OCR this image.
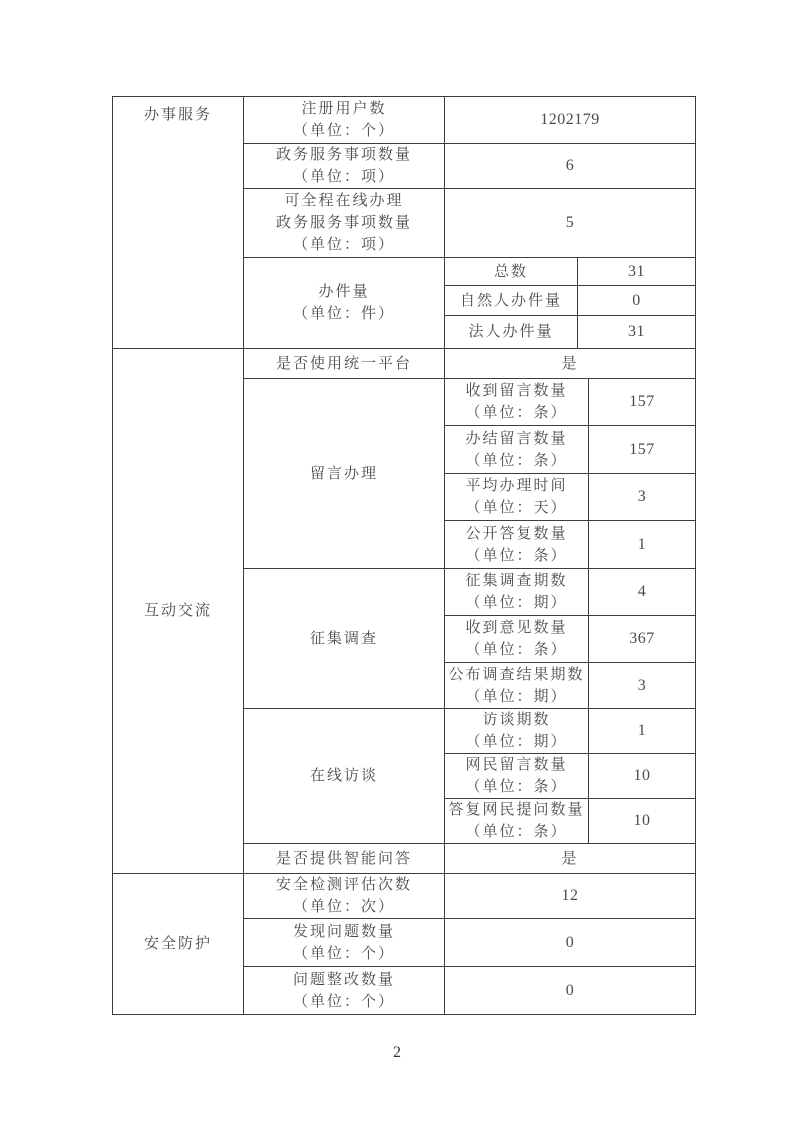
办事服务	注册用户数
（单位：个）	1202179		

	政务服务事项数量
（单位：项）	6		

	可全程在线办理
政务服务事项数量
（单位：项）	5		

	办件量
（单位：件）	总数	31	
		自然人办件量	0	
		法人办件量	31	

互动交流	是否使用统一平台	是		

	留言办理	收到留言数量
（单位：条）		157

		办结留言数量
（单位：条）		157

		平均办理时间
（单位：天）		3

		公开答复数量
（单位：条）		1

	征集调查	征集调查期数
（单位：期）		4

		收到意见数量
（单位：条）		367

		公布调查结果期数
（单位：期）		3

	在线访谈	访谈期数
（单位：期）		1

		网民留言数量
（单位：条）		10

		答复网民提问数量
（单位：条）		10
	是否提供智能问答	是		

安全防护	安全检测评估次数
（单位：次）	12		

	发现问题数量
（单位：个）	0		

	问题整改数量
（单位：个）	0		
2
